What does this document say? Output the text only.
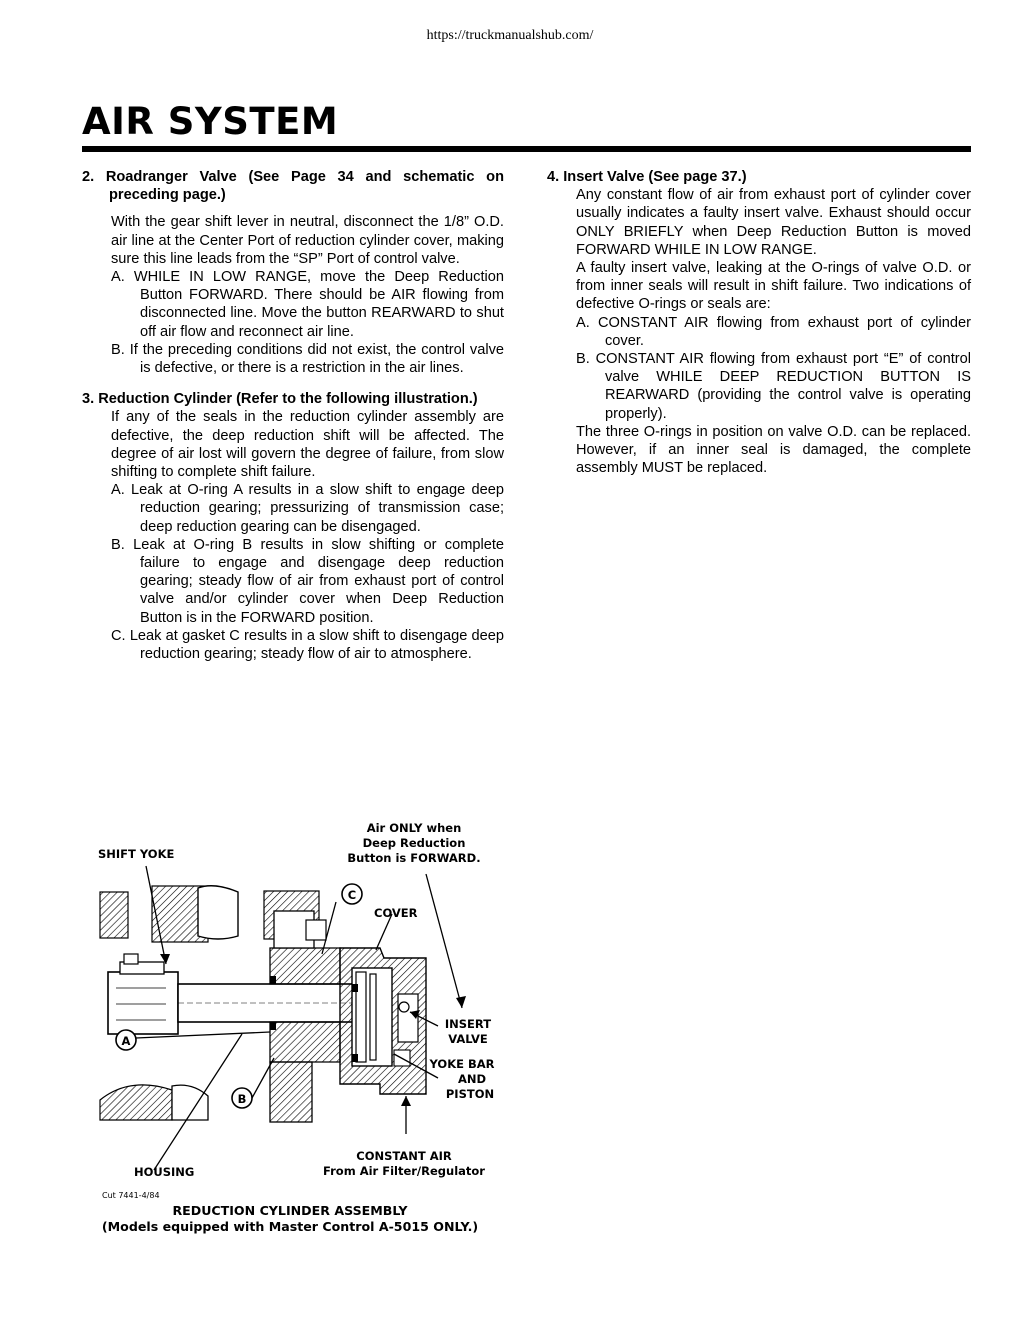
https://truckmanualshub.com/
AIR SYSTEM
2. Roadranger Valve (See Page 34 and schematic on preceding page.)

With the gear shift lever in neutral, disconnect the 1/8” O.D. air line at the Center Port of reduction cylinder cover, making sure this line leads from the “SP” Port of control valve.

A. WHILE IN LOW RANGE, move the Deep Reduction Button FORWARD. There should be AIR flowing from disconnected line. Move the button REARWARD to shut off air flow and reconnect air line.
B. If the preceding conditions did not exist, the control valve is defective, or there is a restriction in the air lines.
3. Reduction Cylinder (Refer to the following illustration.)

If any of the seals in the reduction cylinder assembly are defective, the deep reduction shift will be affected. The degree of air lost will govern the degree of failure, from slow shifting to complete shift failure.

A. Leak at O-ring A results in a slow shift to engage deep reduction gearing; pressurizing of transmission case; deep reduction gearing can be disengaged.
B. Leak at O-ring B results in slow shifting or complete failure to engage and disengage deep reduction gearing; steady flow of air from exhaust port of control valve and/or cylinder cover when Deep Reduction Button is in the FORWARD position.
C. Leak at gasket C results in a slow shift to disengage deep reduction gearing; steady flow of air to atmosphere.
4. Insert Valve (See page 37.)

Any constant flow of air from exhaust port of cylinder cover usually indicates a faulty insert valve. Exhaust should occur ONLY BRIEFLY when Deep Reduction Button is moved FORWARD WHILE IN LOW RANGE.

A faulty insert valve, leaking at the O-rings of valve O.D. or from inner seals will result in shift failure. Two indications of defective O-rings or seals are:

A. CONSTANT AIR flowing from exhaust port of cylinder cover.
B. CONSTANT AIR flowing from exhaust port “E” of control valve WHILE DEEP REDUCTION BUTTON IS REARWARD (providing the control valve is operating properly).

The three O-rings in position on valve O.D. can be replaced. However, if an inner seal is damaged, the complete assembly MUST be replaced.

C
A
B
SHIFT YOKE
Air ONLY when
Deep Reduction
Button is FORWARD.
COVER
INSERT
VALVE
YOKE BAR
AND
PISTON
CONSTANT AIR
From Air Filter/Regulator
HOUSING
Cut 7441-4/84
REDUCTION CYLINDER ASSEMBLY
(Models equipped with Master Control A-5015 ONLY.)
